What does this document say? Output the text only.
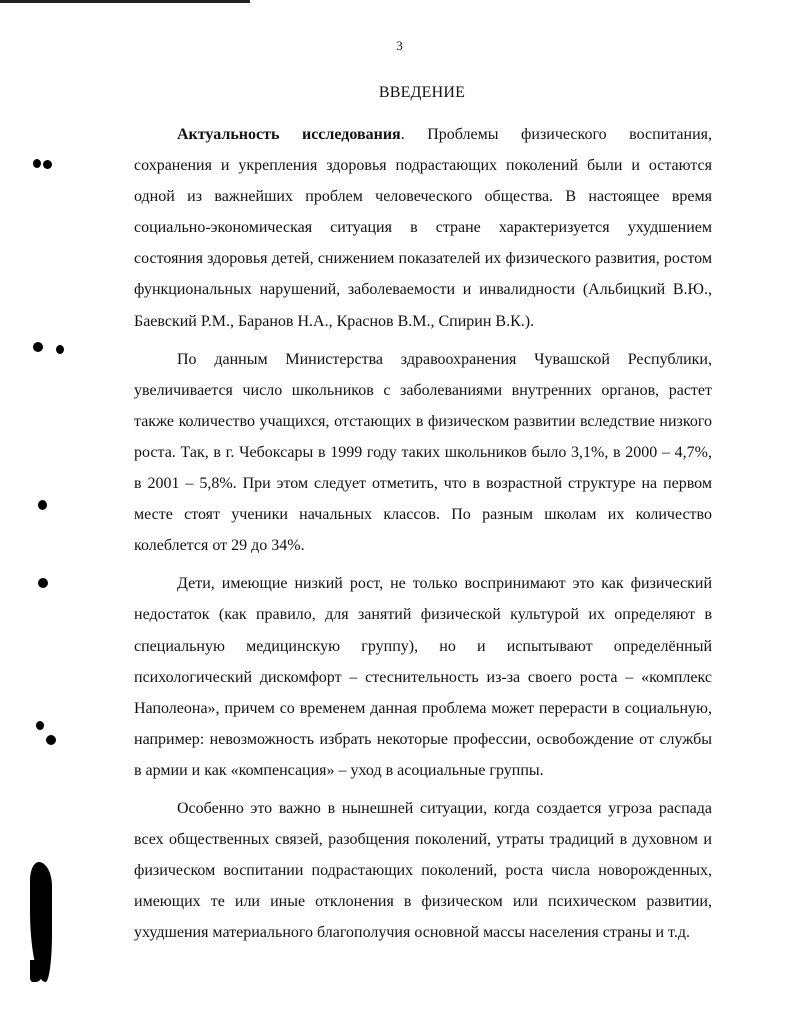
3
ВВЕДЕНИЕ

Актуальность исследования. Проблемы физического воспитания, сохранения и укрепления здоровья подрастающих поколений были и остаются одной из важнейших проблем человеческого общества. В настоящее время социально-экономическая ситуация в стране характеризуется ухудшением состояния здоровья детей, снижением показателей их физического развития, ростом функциональных нарушений, заболеваемости и инвалидности (Альбицкий В.Ю., Баевский Р.М., Баранов Н.А., Краснов В.М., Спирин В.К.).

По данным Министерства здравоохранения Чувашской Республики, увеличивается число школьников с заболеваниями внутренних органов, растет также количество учащихся, отстающих в физическом развитии вследствие низкого роста. Так, в г. Чебоксары в 1999 году таких школьников было 3,1%, в 2000 – 4,7%, в 2001 – 5,8%. При этом следует отметить, что в возрастной структуре на первом месте стоят ученики начальных классов. По разным школам их количество колеблется от 29 до 34%.

Дети, имеющие низкий рост, не только воспринимают это как физический недостаток (как правило, для занятий физической культурой их определяют в специальную медицинскую группу), но и испытывают определённый психологический дискомфорт – стеснительность из-за своего роста – «комплекс Наполеона», причем со временем данная проблема может перерасти в социальную, например: невозможность избрать некоторые профессии, освобождение от службы в армии и как «компенсация» – уход в асоциальные группы.

Особенно это важно в нынешней ситуации, когда создается угроза распада всех общественных связей, разобщения поколений, утраты традиций в духовном и физическом воспитании подрастающих поколений, роста числа новорожденных, имеющих те или иные отклонения в физическом или психическом развитии, ухудшения материального благополучия основной массы населения страны и т.д.
